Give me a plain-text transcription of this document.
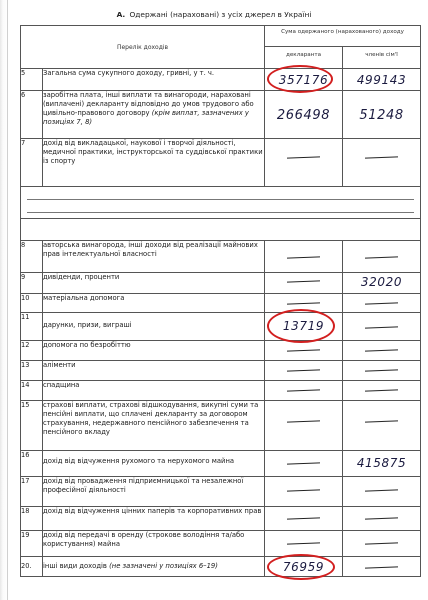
А. Одержані (нараховані) з усіх джерел в Україні
Перелік доходів		Сума одержаного (нарахованого) доходу	
		декларанта	членів сім'ї
5	Загальна сума сукупного доходу, гривні, у т. ч.	357176	499143

6	заробітна плата, інші виплати та винагороди, нараховані (виплачені) декларанту відповідно до умов трудового або цивільно-правового договору (крім виплат, зазначених у позиціях 7, 8)	266498	51248

7	дохід від викладацької, наукової і творчої діяльності, медичної практики, інструкторської та суддівської практики із спорту	

8	авторська винагорода, інші доходи від реалізації майнових прав інтелектуальної власності	

9	дивіденди, проценти		32020

10	матеріальна допомога	

11	дарунки, призи, виграші	13719	

12	допомога по безробіттю	

13	аліменти	

14	спадщина	

15	страхові виплати, страхові відшкодування, викупні суми та пенсійні виплати, що сплачені декларанту за договором страхування, недержавного пенсійного забезпечення та пенсійного вкладу	

16	дохід від відчуження рухомого та нерухомого майна		415875

17	дохід від провадження підприємницької та незалежної професійної діяльності	

18	дохід від відчуження цінних паперів та корпоративних прав	

19	дохід від передачі в оренду (строкове володіння та/або користування) майна	

20.	інші види доходів (не зазначені у позиціях 6–19)	76959	
